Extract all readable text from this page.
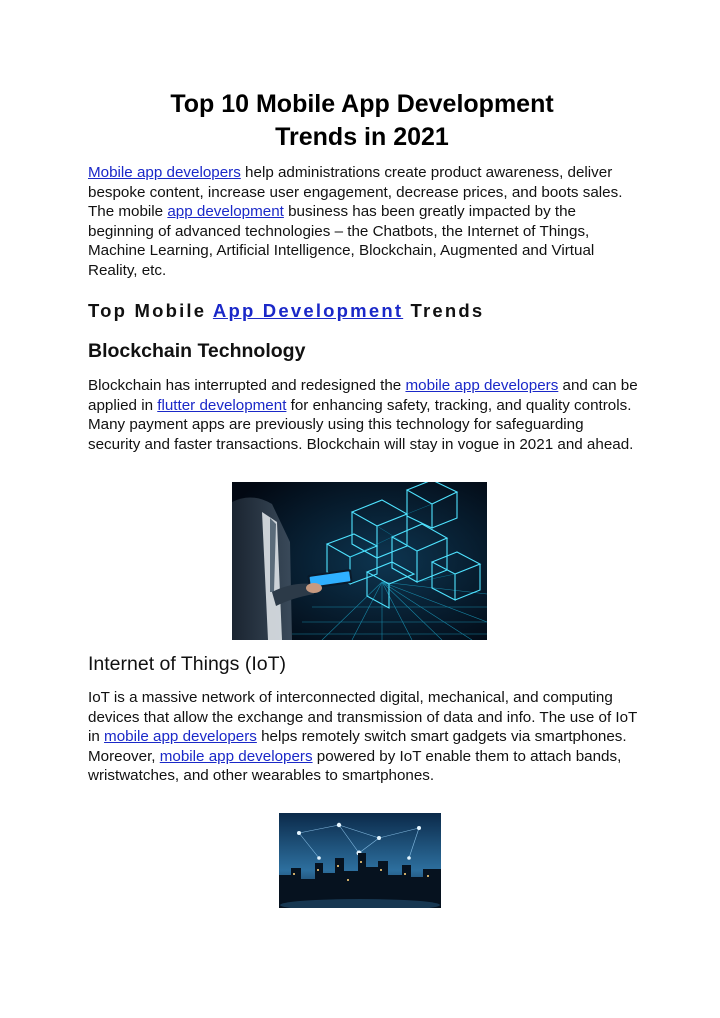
Top 10 Mobile App Development
Trends in 2021

Mobile app developers help administrations create product awareness, deliver bespoke content, increase user engagement, decrease prices, and boots sales. The mobile app development business has been greatly impacted by the beginning of advanced technologies – the Chatbots, the Internet of Things, Machine Learning, Artificial Intelligence, Blockchain, Augmented and Virtual Reality, etc.

Top Mobile App Development Trends
Blockchain Technology

Blockchain has interrupted and redesigned the mobile app developers and can be applied in flutter development for enhancing safety, tracking, and quality controls. Many payment apps are previously using this technology for safeguarding security and faster transactions. Blockchain will stay in vogue in 2021 and ahead.

Internet of Things (IoT)

IoT is a massive network of interconnected digital, mechanical, and computing devices that allow the exchange and transmission of data and info. The use of IoT in mobile app developers helps remotely switch smart gadgets via smartphones. Moreover, mobile app developers powered by IoT enable them to attach bands, wristwatches, and other wearables to smartphones.
